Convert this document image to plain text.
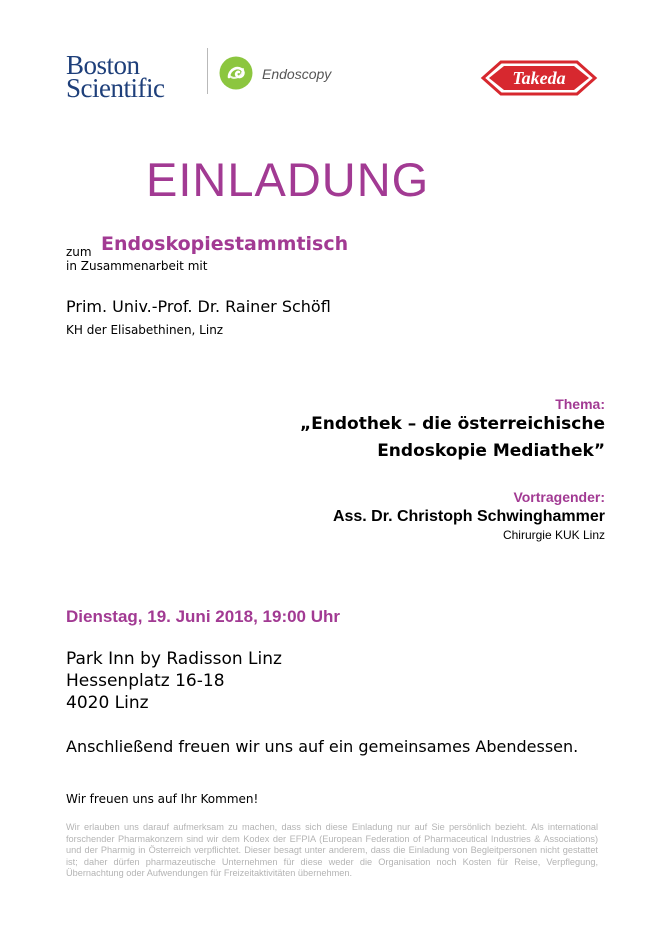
Boston
Scientific	Endoscopy	Takeda
EINLADUNG
zum Endoskopiestammtisch
in Zusammenarbeit mit
Prim. Univ.-Prof. Dr. Rainer Schöfl
KH der Elisabethinen, Linz
Thema:
„Endothek – die österreichische
Endoskopie Mediathek”
Vortragender:
Ass. Dr. Christoph Schwinghammer
Chirurgie KUK Linz
Dienstag, 19. Juni 2018, 19:00 Uhr
Park Inn by Radisson Linz
Hessenplatz 16-18
4020 Linz
Anschließend freuen wir uns auf ein gemeinsames Abendessen.
Wir freuen uns auf Ihr Kommen!
Wir erlauben uns darauf aufmerksam zu machen, dass sich diese Einladung nur auf Sie persönlich bezieht. Als international forschender Pharmakonzern sind wir dem Kodex der EFPIA (European Federation of Pharmaceutical Industries & Associations) und der Pharmig in Österreich verpflichtet. Dieser besagt unter anderem, dass die Einladung von Begleitpersonen nicht gestattet ist; daher dürfen pharmazeutische Unternehmen für diese weder die Organisation noch Kosten für Reise, Verpflegung, Übernachtung oder Aufwendungen für Freizeitaktivitäten übernehmen.
